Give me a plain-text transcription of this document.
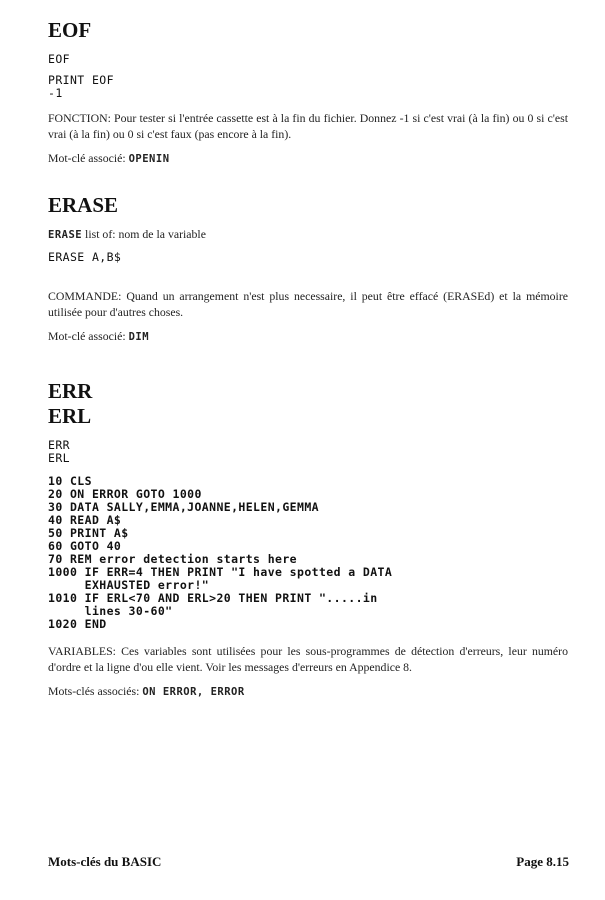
EOF

EOF

PRINT EOF

-1

FONCTION: Pour tester si l'entrée cassette est à la fin du fichier. Donnez -1 si c'est vrai (à la fin) ou 0 si c'est vrai (à la fin) ou 0 si c'est faux (pas encore à la fin).

Mot-clé associé: OPENIN

ERASE

ERASE list of: nom de la variable

ERASE A,B$

COMMANDE: Quand un arrangement n'est plus necessaire, il peut être effacé (ERASEd) et la mémoire utilisée pour d'autres choses.

Mot-clé associé: DIM

ERR
ERL

ERR

ERL

10 CLS

20 ON ERROR GOTO 1000

30 DATA SALLY,EMMA,JOANNE,HELEN,GEMMA

40 READ A$

50 PRINT A$

60 GOTO 40

70 REM error detection starts here

1000 IF ERR=4 THEN PRINT "I have spotted a DATA

EXHAUSTED error!"

1010 IF ERL<70 AND ERL>20 THEN PRINT ".....in

lines 30-60"

1020 END

VARIABLES: Ces variables sont utilisées pour les sous-programmes de détection d'erreurs, leur numéro d'ordre et la ligne d'ou elle vient. Voir les messages d'erreurs en Appendice 8.

Mots-clés associés: ON ERROR, ERROR

Mots-clés du BASIC	Page 8.15
